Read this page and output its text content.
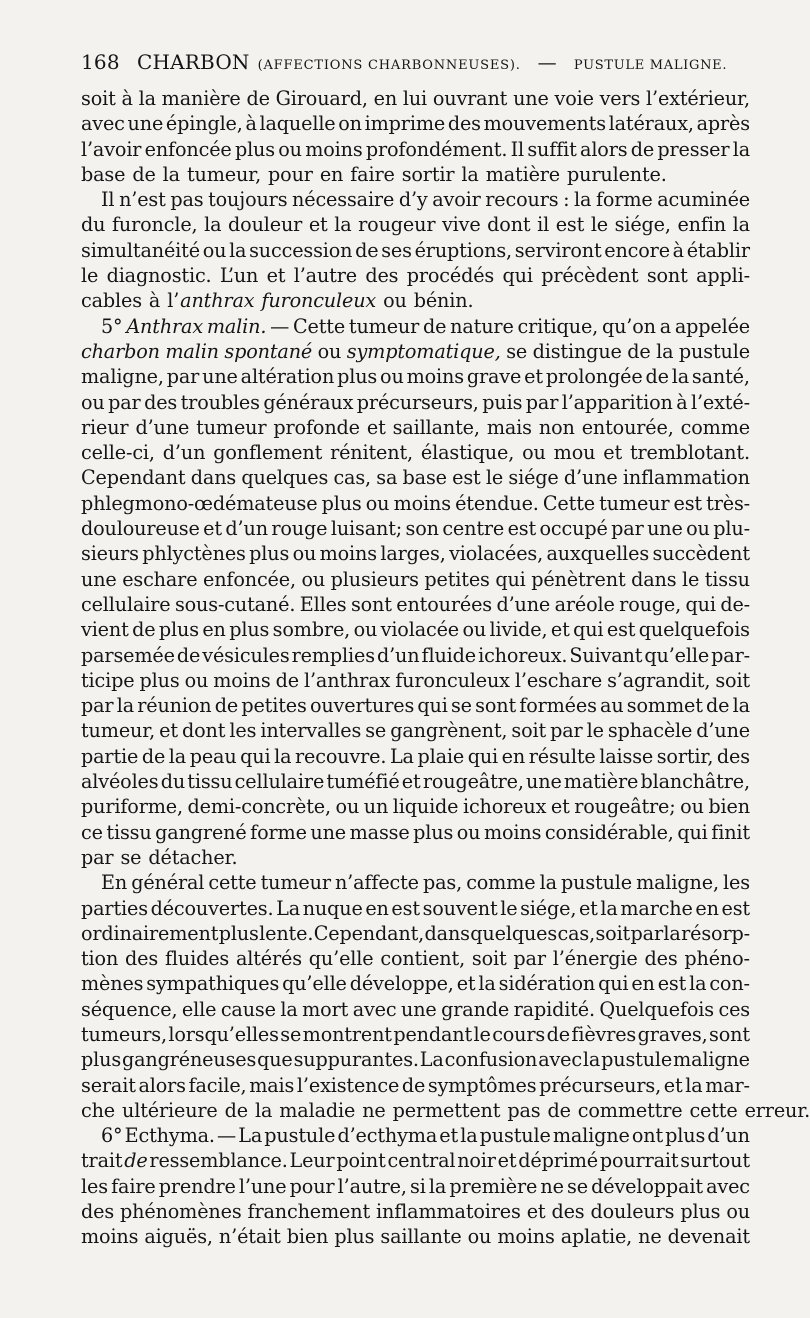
168 CHARBON (AFFECTIONS CHARBONNEUSES). — PUSTULE MALIGNE.
soit à la manière de Girouard, en lui ouvrant une voie vers l’extérieur,
avec une épingle, à laquelle on imprime des mouvements latéraux, après
l’avoir enfoncée plus ou moins profondément. Il suffit alors de presser la
base de la tumeur, pour en faire sortir la matière purulente.
Il n’est pas toujours nécessaire d’y avoir recours : la forme acuminée
du furoncle, la douleur et la rougeur vive dont il est le siége, enfin la
simultanéité ou la succession de ses éruptions, serviront encore à établir
le diagnostic. L’un et l’autre des procédés qui précèdent sont appli-
cables à l’ anthrax furonculeux ou bénin.
5° Anthrax malin. — Cette tumeur de nature critique, qu’on a appelée
charbon malin spontané ou symptomatique, se distingue de la pustule
maligne, par une altération plus ou moins grave et prolongée de la santé,
ou par des troubles généraux précurseurs, puis par l’apparition à l’exté-
rieur d’une tumeur profonde et saillante, mais non entourée, comme
celle-ci, d’un gonflement rénitent, élastique, ou mou et tremblotant.
Cependant dans quelques cas, sa base est le siége d’une inflammation
phlegmono-œdémateuse plus ou moins étendue. Cette tumeur est très-
douloureuse et d’un rouge luisant; son centre est occupé par une ou plu-
sieurs phlyctènes plus ou moins larges, violacées, auxquelles succèdent
une eschare enfoncée, ou plusieurs petites qui pénètrent dans le tissu
cellulaire sous-cutané. Elles sont entourées d’une aréole rouge, qui de-
vient de plus en plus sombre, ou violacée ou livide, et qui est quelquefois
parsemée de vésicules remplies d’un fluide ichoreux. Suivant qu’elle par-
ticipe plus ou moins de l’anthrax furonculeux l’eschare s’agrandit, soit
par la réunion de petites ouvertures qui se sont formées au sommet de la
tumeur, et dont les intervalles se gangrènent, soit par le sphacèle d’une
partie de la peau qui la recouvre. La plaie qui en résulte laisse sortir, des
alvéoles du tissu cellulaire tuméfié et rougeâtre, une matière blanchâtre,
puriforme, demi-concrète, ou un liquide ichoreux et rougeâtre; ou bien
ce tissu gangrené forme une masse plus ou moins considérable, qui finit
par se détacher.
En général cette tumeur n’affecte pas, comme la pustule maligne, les
parties découvertes. La nuque en est souvent le siége, et la marche en est
ordinairement plus lente. Cependant, dans quelques cas, soit par la résorp-
tion des fluides altérés qu’elle contient, soit par l’énergie des phéno-
mènes sympathiques qu’elle développe, et la sidération qui en est la con-
séquence, elle cause la mort avec une grande rapidité. Quelquefois ces
tumeurs, lorsqu’elles se montrent pendant le cours de fièvres graves, sont
plus gangréneuses que suppurantes. La confusion avec la pustule maligne
serait alors facile, mais l’existence de symptômes précurseurs, et la mar-
che ultérieure de la maladie ne permettent pas de commettre cette erreur.
6° Ecthyma. — La pustule d’ecthyma et la pustule maligne ont plus d’un
trait de ressemblance. Leur point central noir et déprimé pourrait surtout
les faire prendre l’une pour l’autre, si la première ne se développait avec
des phénomènes franchement inflammatoires et des douleurs plus ou
moins aiguës, n’était bien plus saillante ou moins aplatie, ne devenait
